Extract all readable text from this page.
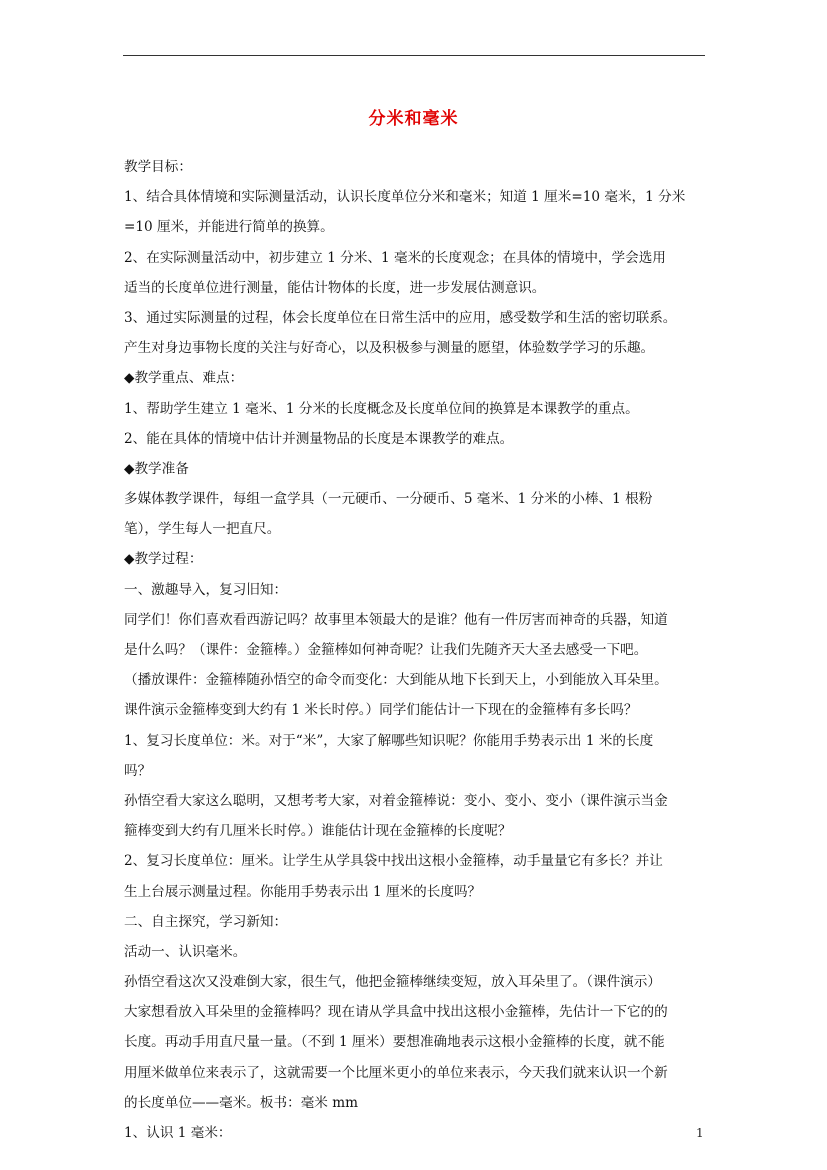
分米和毫米
教学目标：
1、结合具体情境和实际测量活动，认识长度单位分米和毫米；知道 1 厘米=10 毫米，1 分米
=10 厘米，并能进行简单的换算。
2、在实际测量活动中，初步建立 1 分米、1 毫米的长度观念；在具体的情境中，学会选用
适当的长度单位进行测量，能估计物体的长度，进一步发展估测意识。
3、通过实际测量的过程，体会长度单位在日常生活中的应用，感受数学和生活的密切联系。
产生对身边事物长度的关注与好奇心，以及积极参与测量的愿望，体验数学学习的乐趣。
◆教学重点、难点：
1、帮助学生建立 1 毫米、1 分米的长度概念及长度单位间的换算是本课教学的重点。
2、能在具体的情境中估计并测量物品的长度是本课教学的难点。
◆教学准备
多媒体教学课件，每组一盒学具（一元硬币、一分硬币、5 毫米、1 分米的小棒、1 根粉
笔），学生每人一把直尺。
◆教学过程：
一、激趣导入，复习旧知：
同学们！你们喜欢看西游记吗？故事里本领最大的是谁？他有一件厉害而神奇的兵器，知道
是什么吗？（课件：金箍棒。）金箍棒如何神奇呢？让我们先随齐天大圣去感受一下吧。
（播放课件：金箍棒随孙悟空的命令而变化：大到能从地下长到天上，小到能放入耳朵里。
课件演示金箍棒变到大约有 1 米长时停。）同学们能估计一下现在的金箍棒有多长吗？
1、复习长度单位：米。对于“米”，大家了解哪些知识呢？你能用手势表示出 1 米的长度
吗？
孙悟空看大家这么聪明，又想考考大家，对着金箍棒说：变小、变小、变小（课件演示当金
箍棒变到大约有几厘米长时停。）谁能估计现在金箍棒的长度呢？
2、复习长度单位：厘米。让学生从学具袋中找出这根小金箍棒，动手量量它有多长？并让
生上台展示测量过程。你能用手势表示出 1 厘米的长度吗？
二、自主探究，学习新知：
活动一、认识毫米。
孙悟空看这次又没难倒大家，很生气，他把金箍棒继续变短，放入耳朵里了。（课件演示）
大家想看放入耳朵里的金箍棒吗？现在请从学具盒中找出这根小金箍棒，先估计一下它的的
长度。再动手用直尺量一量。（不到 1 厘米）要想准确地表示这根小金箍棒的长度，就不能
用厘米做单位来表示了，这就需要一个比厘米更小的单位来表示，今天我们就来认识一个新
的长度单位——毫米。板书：毫米 mm
1、认识 1 毫米：	1
